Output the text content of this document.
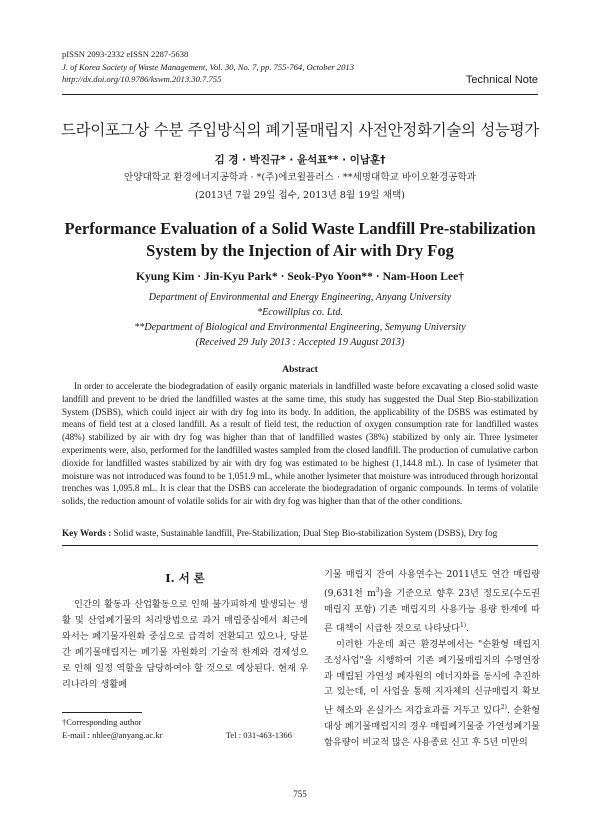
pISSN 2093-2332 eISSN 2287-5638
J. of Korea Society of Waste Management, Vol. 30, No. 7, pp. 755-764, October 2013
http://dx.doi.org/10.9786/kswm.2013.30.7.755	Technical Note
드라이포그상 수분 주입방식의 폐기물매립지 사전안정화기술의 성능평가
김 경 · 박진규* · 윤석표** · 이남훈†
안양대학교 환경에너지공학과 · *(주)에코윌플러스 · **세명대학교 바이오환경공학과
(2013년 7월 29일 접수, 2013년 8월 19일 채택)
Performance Evaluation of a Solid Waste Landfill Pre-stabilization System by the Injection of Air with Dry Fog
Kyung Kim · Jin-Kyu Park* · Seok-Pyo Yoon** · Nam-Hoon Lee†
Department of Environmental and Energy Engineering, Anyang University
*Ecowillplus co. Ltd.
**Department of Biological and Environmental Engineering, Semyung University
(Received 29 July 2013 : Accepted 19 August 2013)
Abstract
In order to accelerate the biodegradation of easily organic materials in landfilled waste before excavating a closed solid waste landfill and prevent to be dried the landfilled wastes at the same time, this study has suggested the Dual Step Bio-stabilization System (DSBS), which could inject air with dry fog into its body. In addition, the applicability of the DSBS was estimated by means of field test at a closed landfill. As a result of field test, the reduction of oxygen consumption rate for landfilled wastes (48%) stabilized by air with dry fog was higher than that of landfilled wastes (38%) stabilized by only air. Three lysimeter experiments were, also, performed for the landfilled wastes sampled from the closed landfill. The production of cumulative carbon dioxide for landfilled wastes stabilized by air with dry fog was estimated to be highest (1,144.8 mL). In case of lysimeter that moisture was not introduced was found to be 1,051.9 mL, while another lysimeter that moisture was introduced through horizontal trenches was 1,095.8 mL. It is clear that the DSBS can accelerate the biodegradation of organic compounds. In terms of volatile solids, the reduction amount of volatile solids for air with dry fog was higher than that of the other conditions.
Key Words : Solid waste, Sustainable landfill, Pre-Stabilization, Dual Step Bio-stabilization System (DSBS), Dry fog
I. 서 론

인간의 활동과 산업활동으로 인해 불가피하게 발생되는 생활 및 산업폐기물의 처리방법으로 과거 매립중심에서 최근에 와서는 폐기물자원화 중심으로 급격히 전환되고 있으나, 당분간 폐기물매립지는 폐기물 자원화의 기술적 한계와 경제성으로 인해 일정 역할을 담당하여야 할 것으로 예상된다. 현재 우리나라의 생활폐

기물 매립지 잔여 사용연수는 2011년도 연간 매립량(9,631천 $m^3$)을 기준으로 향후 23년 정도로(수도권매립지 포함) 기존 매립지의 사용가능 용량 한계에 따른 대책이 시급한 것으로 나타났다$^{1)}$.

이러한 가운데 최근 환경부에서는 "순환형 매립지 조성사업"을 시행하여 기존 폐기물매립지의 수명연장과 매립된 가연성 폐자원의 에너지화를 동시에 추진하고 있는데, 이 사업을 통해 지자체의 신규매립지 확보난 해소와 온실가스 저감효과를 거두고 있다$^{2)}$. 순환형 대상 폐기물매립지의 경우 매립폐기물중 가연성폐기물 함유량이 비교적 많은 사용종료 신고 후 5년 미만의

†Corresponding author
E-mail : nhlee@anyang.ac.kr	Tel : 031-463-1366
755
